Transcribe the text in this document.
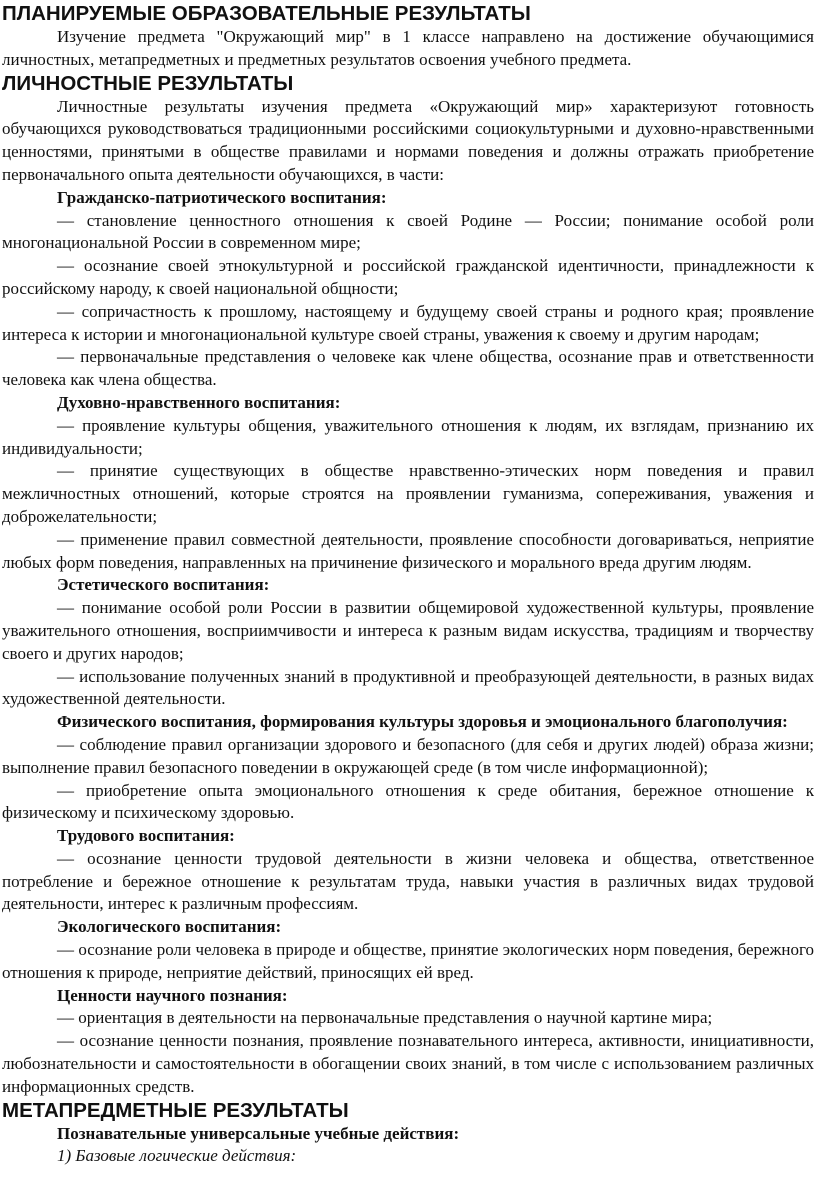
ПЛАНИРУЕМЫЕ ОБРАЗОВАТЕЛЬНЫЕ РЕЗУЛЬТАТЫ

Изучение предмета "Окружающий мир" в 1 классе направлено на достижение обучающимися личностных, метапредметных и предметных результатов освоения учебного предмета.

ЛИЧНОСТНЫЕ РЕЗУЛЬТАТЫ

Личностные результаты изучения предмета «Окружающий мир» характеризуют готовность обучающихся руководствоваться традиционными российскими социокультурными и духовно-нравственными ценностями, принятыми в обществе правилами и нормами поведения и должны отражать приобретение первоначального опыта деятельности обучающихся, в части:

Гражданско-патриотического воспитания:

— становление ценностного отношения к своей Родине — России; понимание особой роли многонациональной России в современном мире;

— осознание своей этнокультурной и российской гражданской идентичности, принадлежности к российскому народу, к своей национальной общности;

— сопричастность к прошлому, настоящему и будущему своей страны и родного края; проявление интереса к истории и многонациональной культуре своей страны, уважения к своему и другим народам;

— первоначальные представления о человеке как члене общества, осознание прав и ответственности человека как члена общества.

Духовно-нравственного воспитания:

— проявление культуры общения, уважительного отношения к людям, их взглядам, признанию их индивидуальности;

— принятие существующих в обществе нравственно-этических норм поведения и правил межличностных отношений, которые строятся на проявлении гуманизма, сопереживания, уважения и доброжелательности;

— применение правил совместной деятельности, проявление способности договариваться, неприятие любых форм поведения, направленных на причинение физического и морального вреда другим людям.

Эстетического воспитания:

— понимание особой роли России в развитии общемировой художественной культуры, проявление уважительного отношения, восприимчивости и интереса к разным видам искусства, традициям и творчеству своего и других народов;

— использование полученных знаний в продуктивной и преобразующей деятельности, в разных видах художественной деятельности.

Физического воспитания, формирования культуры здоровья и эмоционального благополучия:

— соблюдение правил организации здорового и безопасного (для себя и других людей) образа жизни; выполнение правил безопасного поведении в окружающей среде (в том числе информационной);

— приобретение опыта эмоционального отношения к среде обитания, бережное отношение к физическому и психическому здоровью.

Трудового воспитания:

— осознание ценности трудовой деятельности в жизни человека и общества, ответственное потребление и бережное отношение к результатам труда, навыки участия в различных видах трудовой деятельности, интерес к различным профессиям.

Экологического воспитания:

— осознание роли человека в природе и обществе, принятие экологических норм поведения, бережного отношения к природе, неприятие действий, приносящих ей вред.

Ценности научного познания:

— ориентация в деятельности на первоначальные представления о научной картине мира;

— осознание ценности познания, проявление познавательного интереса, активности, инициативности, любознательности и самостоятельности в обогащении своих знаний, в том числе с использованием различных информационных средств.

МЕТАПРЕДМЕТНЫЕ РЕЗУЛЬТАТЫ

Познавательные универсальные учебные действия:

1) Базовые логические действия:
